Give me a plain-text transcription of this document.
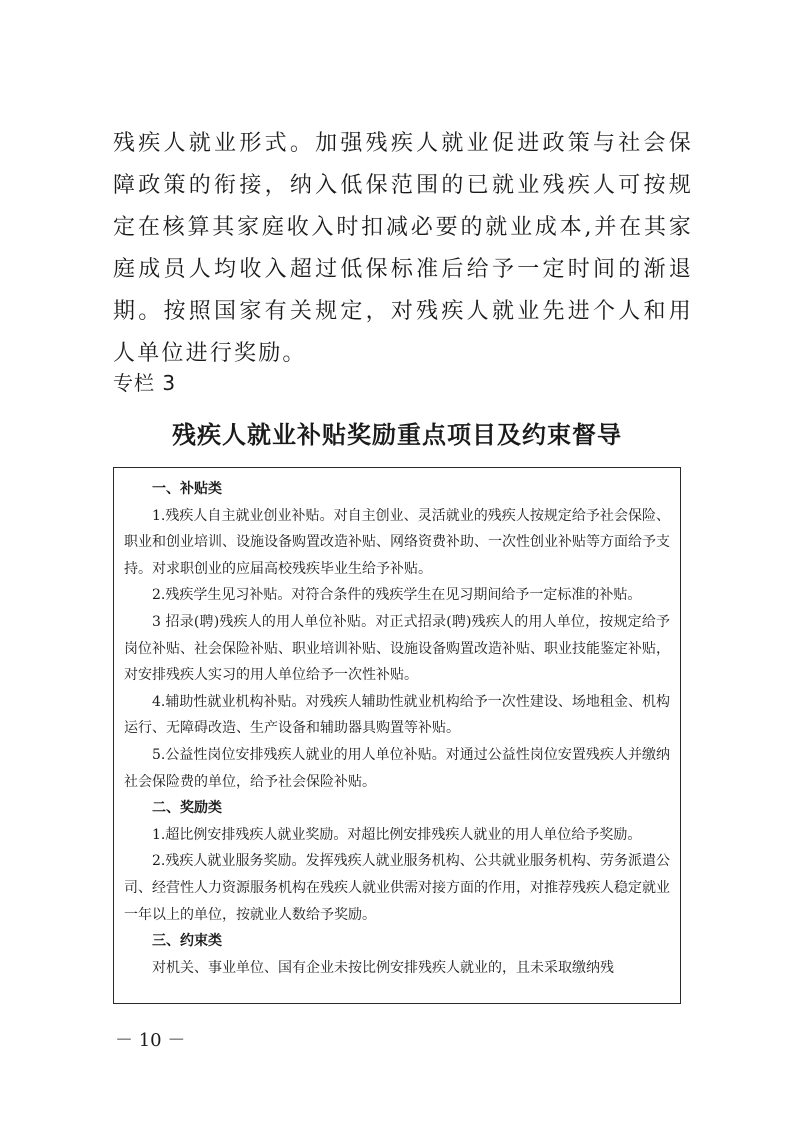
残疾人就业形式。加强残疾人就业促进政策与社会保障政策的衔接，纳入低保范围的已就业残疾人可按规定在核算其家庭收入时扣减必要的就业成本,并在其家庭成员人均收入超过低保标准后给予一定时间的渐退期。按照国家有关规定，对残疾人就业先进个人和用人单位进行奖励。

专栏 3

残疾人就业补贴奖励重点项目及约束督导
一、补贴类

1.残疾人自主就业创业补贴。对自主创业、灵活就业的残疾人按规定给予社会保险、职业和创业培训、设施设备购置改造补贴、网络资费补助、一次性创业补贴等方面给予支持。对求职创业的应届高校残疾毕业生给予补贴。

2.残疾学生见习补贴。对符合条件的残疾学生在见习期间给予一定标准的补贴。

3 招录(聘)残疾人的用人单位补贴。对正式招录(聘)残疾人的用人单位，按规定给予岗位补贴、社会保险补贴、职业培训补贴、设施设备购置改造补贴、职业技能鉴定补贴，对安排残疾人实习的用人单位给予一次性补贴。

4.辅助性就业机构补贴。对残疾人辅助性就业机构给予一次性建设、场地租金、机构运行、无障碍改造、生产设备和辅助器具购置等补贴。

5.公益性岗位安排残疾人就业的用人单位补贴。对通过公益性岗位安置残疾人并缴纳社会保险费的单位，给予社会保险补贴。

二、奖励类

1.超比例安排残疾人就业奖励。对超比例安排残疾人就业的用人单位给予奖励。

2.残疾人就业服务奖励。发挥残疾人就业服务机构、公共就业服务机构、劳务派遣公司、经营性人力资源服务机构在残疾人就业供需对接方面的作用，对推荐残疾人稳定就业一年以上的单位，按就业人数给予奖励。

三、约束类

对机关、事业单位、国有企业未按比例安排残疾人就业的，且未采取缴纳残

－ 10 －
